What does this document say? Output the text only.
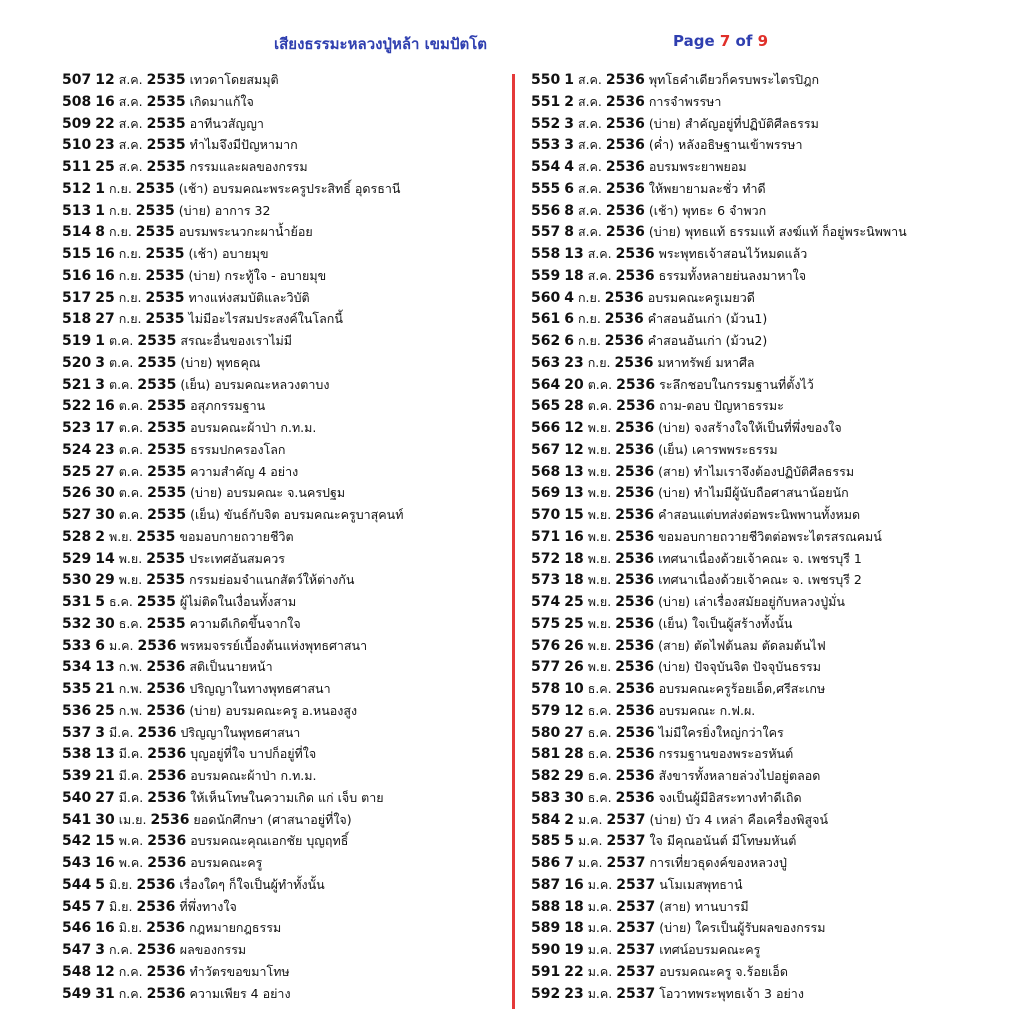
เสียงธรรมะหลวงปู่หล้า เขมปัตโต	Page 7 of 9
507 12 ส.ค. 2535 เทวดาโดยสมมุติ
508 16 ส.ค. 2535 เกิดมาแก้ใจ
509 22 ส.ค. 2535 อาทีนวสัญญา
510 23 ส.ค. 2535 ทำไมจึงมีปัญหามาก
511 25 ส.ค. 2535 กรรมและผลของกรรม
512 1 ก.ย. 2535 (เช้า) อบรมคณะพระครูประสิทธิ์ อุดรธานี
513 1 ก.ย. 2535 (บ่าย) อาการ 32
514 8 ก.ย. 2535 อบรมพระนวกะผาน้ำย้อย
515 16 ก.ย. 2535 (เช้า) อบายมุข
516 16 ก.ย. 2535 (บ่าย) กระทู้ใจ - อบายมุข
517 25 ก.ย. 2535 ทางแห่งสมบัติและวิบัติ
518 27 ก.ย. 2535 ไม่มีอะไรสมประสงค์ในโลกนี้
519 1 ต.ค. 2535 สรณะอื่นของเราไม่มี
520 3 ต.ค. 2535 (บ่าย) พุทธคุณ
521 3 ต.ค. 2535 (เย็น) อบรมคณะหลวงตาบง
522 16 ต.ค. 2535 อสุภกรรมฐาน
523 17 ต.ค. 2535 อบรมคณะผ้าป่า ก.ท.ม.
524 23 ต.ค. 2535 ธรรมปกครองโลก
525 27 ต.ค. 2535 ความสำคัญ 4 อย่าง
526 30 ต.ค. 2535 (บ่าย) อบรมคณะ จ.นครปฐม
527 30 ต.ค. 2535 (เย็น) ขันธ์กับจิต อบรมคณะครูบาสุคนท์
528 2 พ.ย. 2535 ขอมอบกายถวายชีวิต
529 14 พ.ย. 2535 ประเทศอันสมควร
530 29 พ.ย. 2535 กรรมย่อมจำแนกสัตว์ให้ต่างกัน
531 5 ธ.ค. 2535 ผู้ไม่ติดในเงื่อนทั้งสาม
532 30 ธ.ค. 2535 ความดีเกิดขึ้นจากใจ
533 6 ม.ค. 2536 พรหมจรรย์เบื้องต้นแห่งพุทธศาสนา
534 13 ก.พ. 2536 สติเป็นนายหน้า
535 21 ก.พ. 2536 ปริญญาในทางพุทธศาสนา
536 25 ก.พ. 2536 (บ่าย) อบรมคณะครู อ.หนองสูง
537 3 มี.ค. 2536 ปริญญาในพุทธศาสนา
538 13 มี.ค. 2536 บุญอยู่ที่ใจ บาปก็อยู่ที่ใจ
539 21 มี.ค. 2536 อบรมคณะผ้าป่า ก.ท.ม.
540 27 มี.ค. 2536 ให้เห็นโทษในความเกิด แก่ เจ็บ ตาย
541 30 เม.ย. 2536 ยอดนักศึกษา (ศาสนาอยู่ที่ใจ)
542 15 พ.ค. 2536 อบรมคณะคุณเอกชัย บุญฤทธิ์
543 16 พ.ค. 2536 อบรมคณะครู
544 5 มิ.ย. 2536 เรื่องใดๆ ก็ใจเป็นผู้ทำทั้งนั้น
545 7 มิ.ย. 2536 ที่พึ่งทางใจ
546 16 มิ.ย. 2536 กฎหมายกฎธรรม
547 3 ก.ค. 2536 ผลของกรรม
548 12 ก.ค. 2536 ทำวัตรขอขมาโทษ
549 31 ก.ค. 2536 ความเพียร 4 อย่าง
550 1 ส.ค. 2536 พุทโธคำเดียวก็ครบพระไตรปิฎก
551 2 ส.ค. 2536 การจำพรรษา
552 3 ส.ค. 2536 (บ่าย) สำคัญอยู่ที่ปฏิบัติศีลธรรม
553 3 ส.ค. 2536 (ค่ำ) หลังอธิษฐานเข้าพรรษา
554 4 ส.ค. 2536 อบรมพระยาพยอม
555 6 ส.ค. 2536 ให้พยายามละชั่ว ทำดี
556 8 ส.ค. 2536 (เช้า) พุทธะ 6 จำพวก
557 8 ส.ค. 2536 (บ่าย) พุทธแท้ ธรรมแท้ สงฆ์แท้ ก็อยู่พระนิพพาน
558 13 ส.ค. 2536 พระพุทธเจ้าสอนไว้หมดแล้ว
559 18 ส.ค. 2536 ธรรมทั้งหลายย่นลงมาหาใจ
560 4 ก.ย. 2536 อบรมคณะครูเมยวดี
561 6 ก.ย. 2536 คำสอนอันเก่า (ม้วน1)
562 6 ก.ย. 2536 คำสอนอันเก่า (ม้วน2)
563 23 ก.ย. 2536 มหาทรัพย์ มหาศีล
564 20 ต.ค. 2536 ระลึกชอบในกรรมฐานที่ตั้งไว้
565 28 ต.ค. 2536 ถาม-ตอบ ปัญหาธรรมะ
566 12 พ.ย. 2536 (บ่าย) จงสร้างใจให้เป็นที่พึ่งของใจ
567 12 พ.ย. 2536 (เย็น) เคารพพระธรรม
568 13 พ.ย. 2536 (สาย) ทำไมเราจึงต้องปฏิบัติศีลธรรม
569 13 พ.ย. 2536 (บ่าย) ทำไมมีผู้นับถือศาสนาน้อยนัก
570 15 พ.ย. 2536 คำสอนแต่บทส่งต่อพระนิพพานทั้งหมด
571 16 พ.ย. 2536 ขอมอบกายถวายชีวิตต่อพระไตรสรณคมน์
572 18 พ.ย. 2536 เทศนาเนื่องด้วยเจ้าคณะ จ. เพชรบุรี 1
573 18 พ.ย. 2536 เทศนาเนื่องด้วยเจ้าคณะ จ. เพชรบุรี 2
574 25 พ.ย. 2536 (บ่าย) เล่าเรื่องสมัยอยู่กับหลวงปู่มั่น
575 25 พ.ย. 2536 (เย็น) ใจเป็นผู้สร้างทั้งนั้น
576 26 พ.ย. 2536 (สาย) ตัดไฟต้นลม ตัดลมต้นไฟ
577 26 พ.ย. 2536 (บ่าย) ปัจจุบันจิต ปัจจุบันธรรม
578 10 ธ.ค. 2536 อบรมคณะครูร้อยเอ็ด,ศรีสะเกษ
579 12 ธ.ค. 2536 อบรมคณะ ก.ฟ.ผ.
580 27 ธ.ค. 2536 ไม่มีใครยิ่งใหญ่กว่าใคร
581 28 ธ.ค. 2536 กรรมฐานของพระอรหันต์
582 29 ธ.ค. 2536 สังขารทั้งหลายล่วงไปอยู่ตลอด
583 30 ธ.ค. 2536 จงเป็นผู้มีอิสระทางทำดีเถิด
584 2 ม.ค. 2537 (บ่าย) บัว 4 เหล่า คือเครื่องพิสูจน์
585 5 ม.ค. 2537 ใจ มีคุณอนันต์ มีโทษมหันต์
586 7 ม.ค. 2537 การเที่ยวธุดงค์ของหลวงปู่
587 16 ม.ค. 2537 นโมเมสพุทธานํ
588 18 ม.ค. 2537 (สาย) ทานบารมี
589 18 ม.ค. 2537 (บ่าย) ใครเป็นผู้รับผลของกรรม
590 19 ม.ค. 2537 เทศน์อบรมคณะครู
591 22 ม.ค. 2537 อบรมคณะครู จ.ร้อยเอ็ด
592 23 ม.ค. 2537 โอวาทพระพุทธเจ้า 3 อย่าง
